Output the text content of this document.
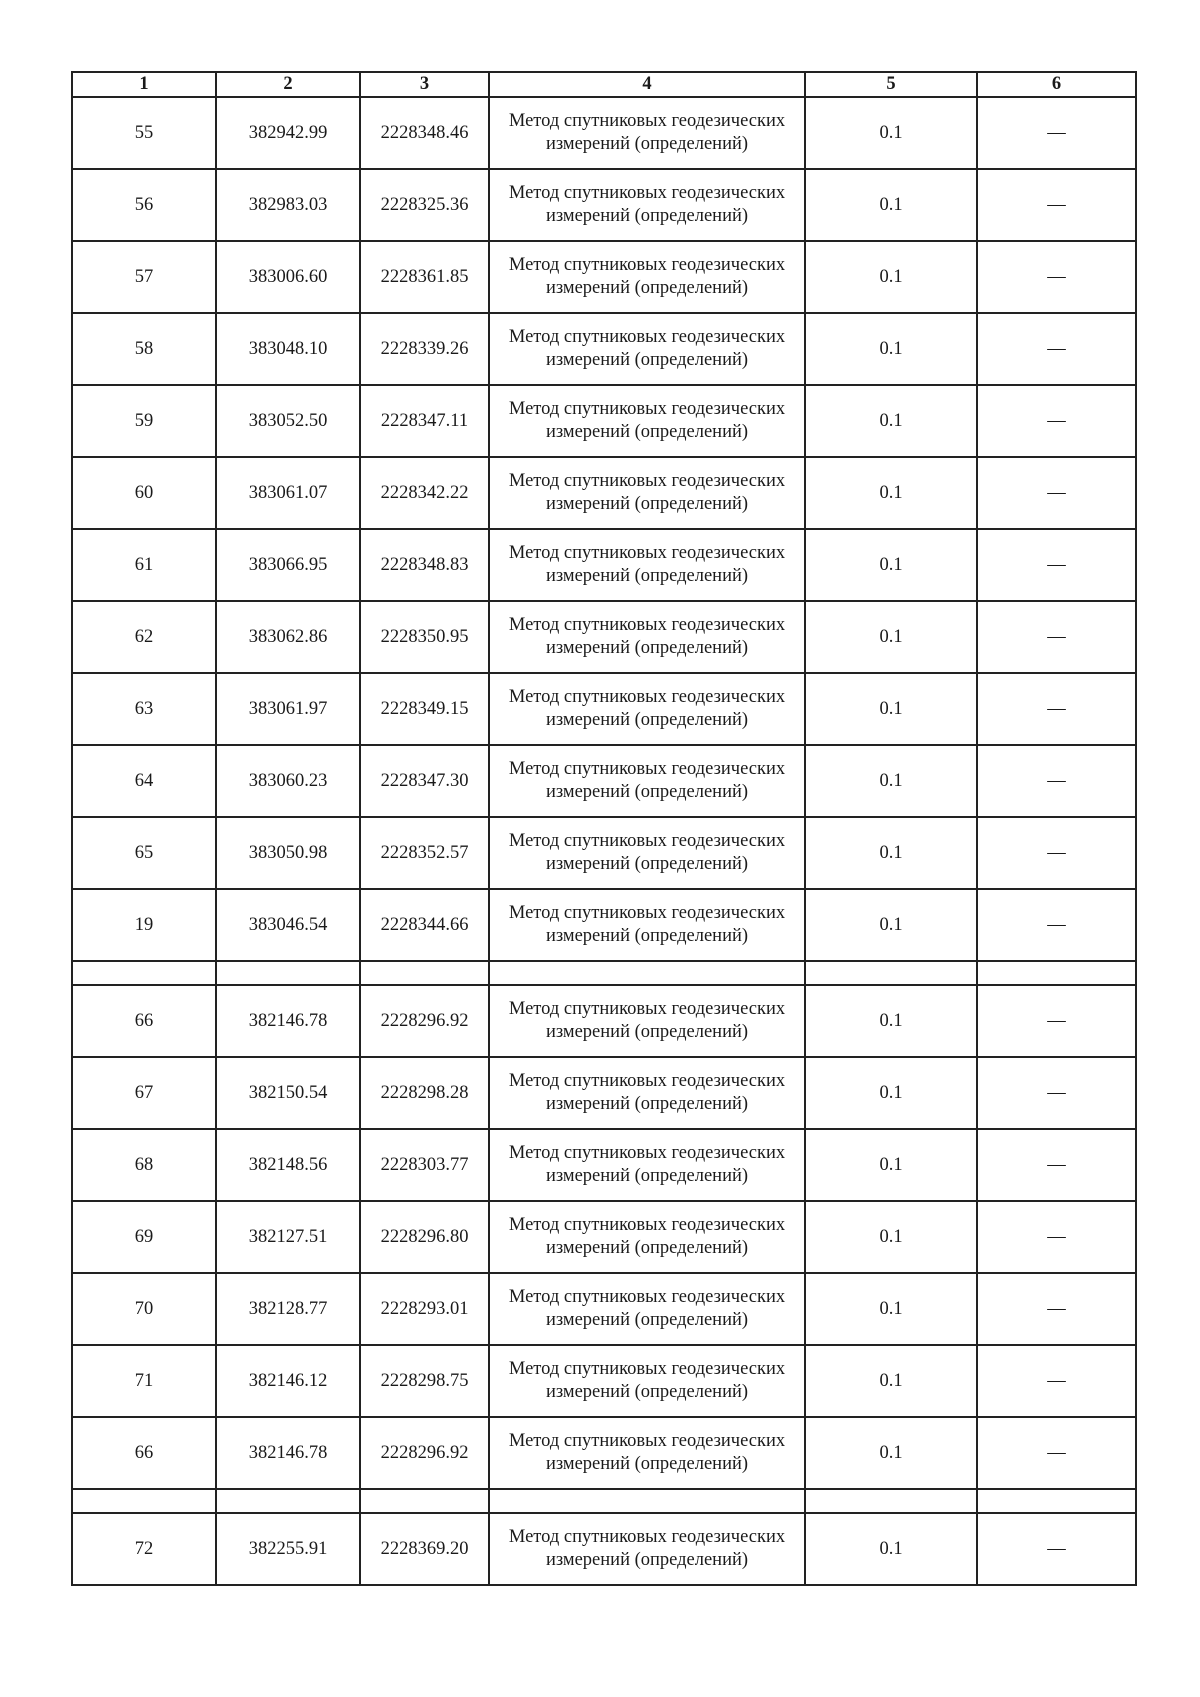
1	2	3	4	5	6
55	382942.99	2228348.46	Метод спутниковых геодезических измерений (определений)	0.1	—
56	382983.03	2228325.36	Метод спутниковых геодезических измерений (определений)	0.1	—
57	383006.60	2228361.85	Метод спутниковых геодезических измерений (определений)	0.1	—
58	383048.10	2228339.26	Метод спутниковых геодезических измерений (определений)	0.1	—
59	383052.50	2228347.11	Метод спутниковых геодезических измерений (определений)	0.1	—
60	383061.07	2228342.22	Метод спутниковых геодезических измерений (определений)	0.1	—
61	383066.95	2228348.83	Метод спутниковых геодезических измерений (определений)	0.1	—
62	383062.86	2228350.95	Метод спутниковых геодезических измерений (определений)	0.1	—
63	383061.97	2228349.15	Метод спутниковых геодезических измерений (определений)	0.1	—
64	383060.23	2228347.30	Метод спутниковых геодезических измерений (определений)	0.1	—
65	383050.98	2228352.57	Метод спутниковых геодезических измерений (определений)	0.1	—
19	383046.54	2228344.66	Метод спутниковых геодезических измерений (определений)	0.1	—

66	382146.78	2228296.92	Метод спутниковых геодезических измерений (определений)	0.1	—
67	382150.54	2228298.28	Метод спутниковых геодезических измерений (определений)	0.1	—
68	382148.56	2228303.77	Метод спутниковых геодезических измерений (определений)	0.1	—
69	382127.51	2228296.80	Метод спутниковых геодезических измерений (определений)	0.1	—
70	382128.77	2228293.01	Метод спутниковых геодезических измерений (определений)	0.1	—
71	382146.12	2228298.75	Метод спутниковых геодезических измерений (определений)	0.1	—
66	382146.78	2228296.92	Метод спутниковых геодезических измерений (определений)	0.1	—

72	382255.91	2228369.20	Метод спутниковых геодезических измерений (определений)	0.1	—
